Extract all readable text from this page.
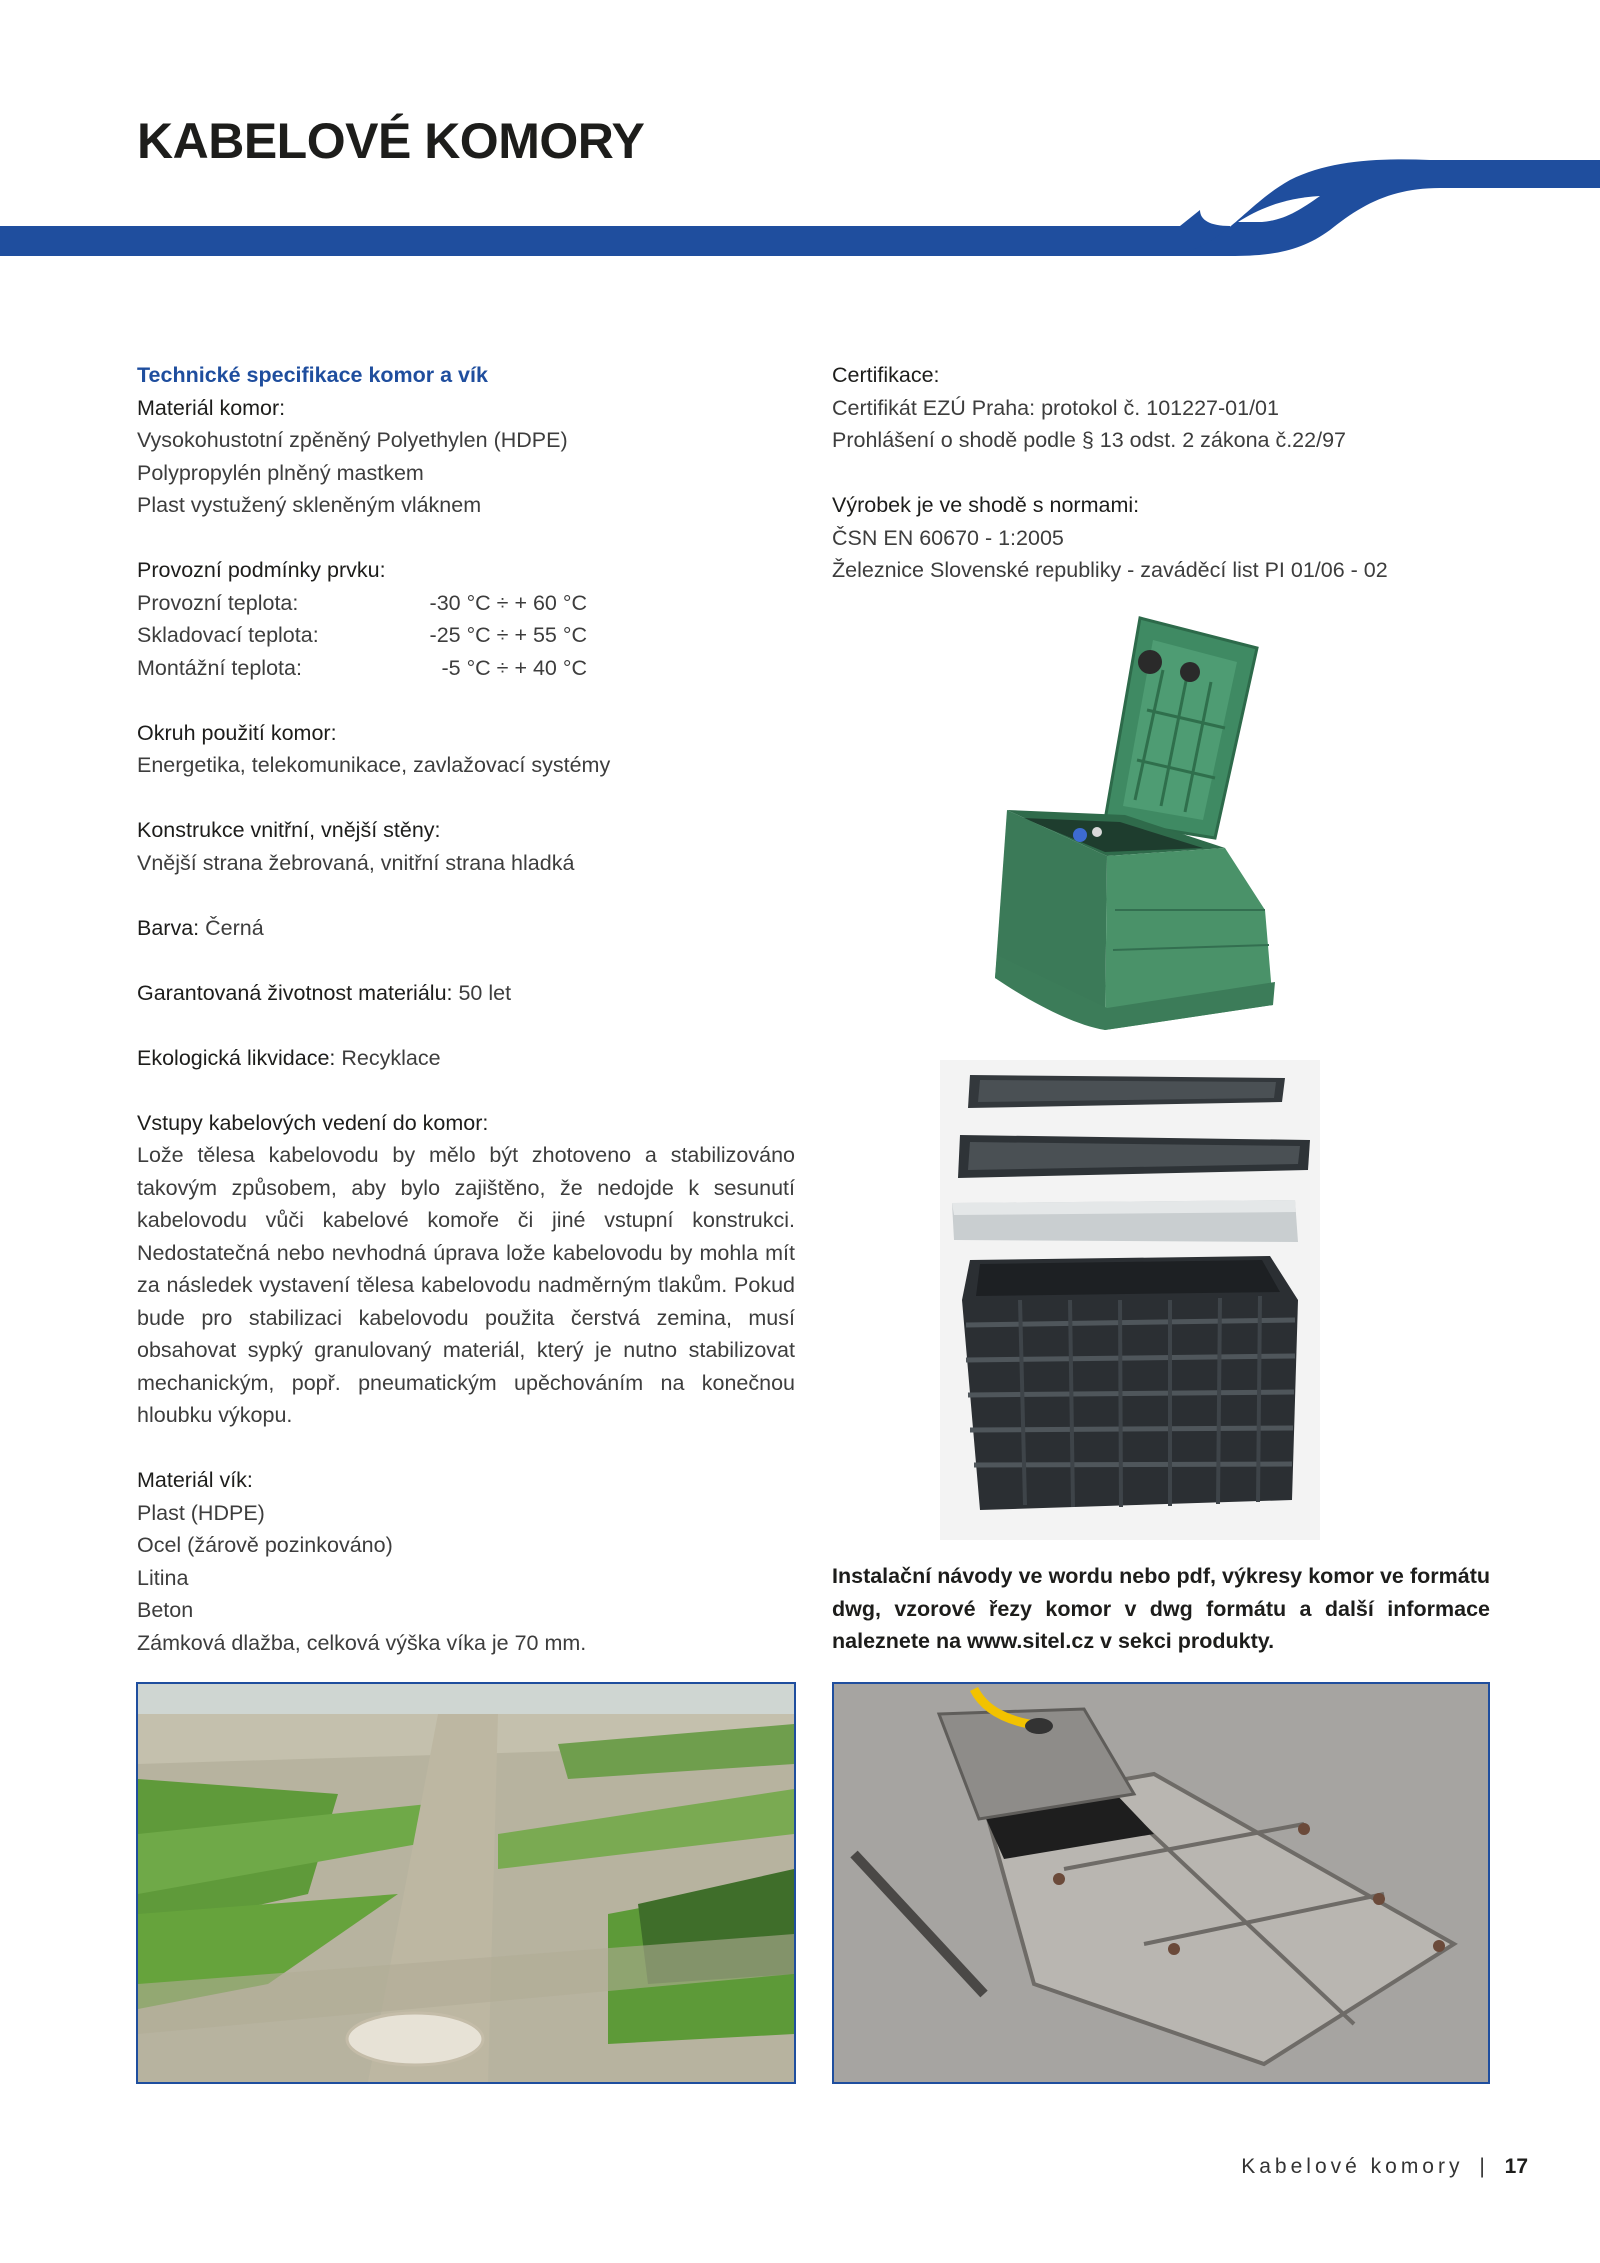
KABELOVÉ KOMORY

Technické specifikace komor a vík

Materiál komor:

Vysokohustotní zpěněný Polyethylen (HDPE)

Polypropylén plněný mastkem

Plast vystužený skleněným vláknem

Provozní podmínky prvku:

Provozní teplota:	-30 °C ÷ + 60 °C
Skladovací teplota:	-25 °C ÷ + 55 °C
Montážní teplota:	-5 °C ÷ + 40 °C

Okruh použití komor:

Energetika, telekomunikace, zavlažovací systémy

Konstrukce vnitřní, vnější stěny:

Vnější strana žebrovaná, vnitřní strana hladká

Barva: Černá

Garantovaná životnost materiálu: 50 let

Ekologická likvidace: Recyklace

Vstupy kabelových vedení do komor:

Lože tělesa kabelovodu by mělo být zhotoveno a stabilizováno takovým způsobem, aby bylo zajištěno, že nedojde k sesunutí kabelovodu vůči kabelové komoře či jiné vstupní konstrukci. Nedostatečná nebo nevhodná úprava lože kabelovodu by mohla mít za následek vystavení tělesa kabelovodu nadměrným tlakům. Pokud bude pro stabilizaci kabelovodu použita čerstvá zemina, musí obsahovat sypký granulovaný materiál, který je nutno stabilizovat mechanickým, popř. pneumatickým upěchováním na konečnou hloubku výkopu.

Materiál vík:

Plast (HDPE)

Ocel (žárově pozinkováno)

Litina

Beton

Zámková dlažba, celková výška víka je 70 mm.

Certifikace:

Certifikát EZÚ Praha: protokol č. 101227-01/01

Prohlášení o shodě podle § 13 odst. 2 zákona č.22/97

Výrobek je ve shodě s normami:

ČSN EN 60670 - 1:2005

Železnice Slovenské republiky - zaváděcí list PI 01/06 - 02

Instalační návody ve wordu nebo pdf, výkresy komor ve formátu dwg, vzorové řezy komor v dwg formátu a další informace naleznete na www.sitel.cz v sekci produkty.
Kabelové komory | 17
